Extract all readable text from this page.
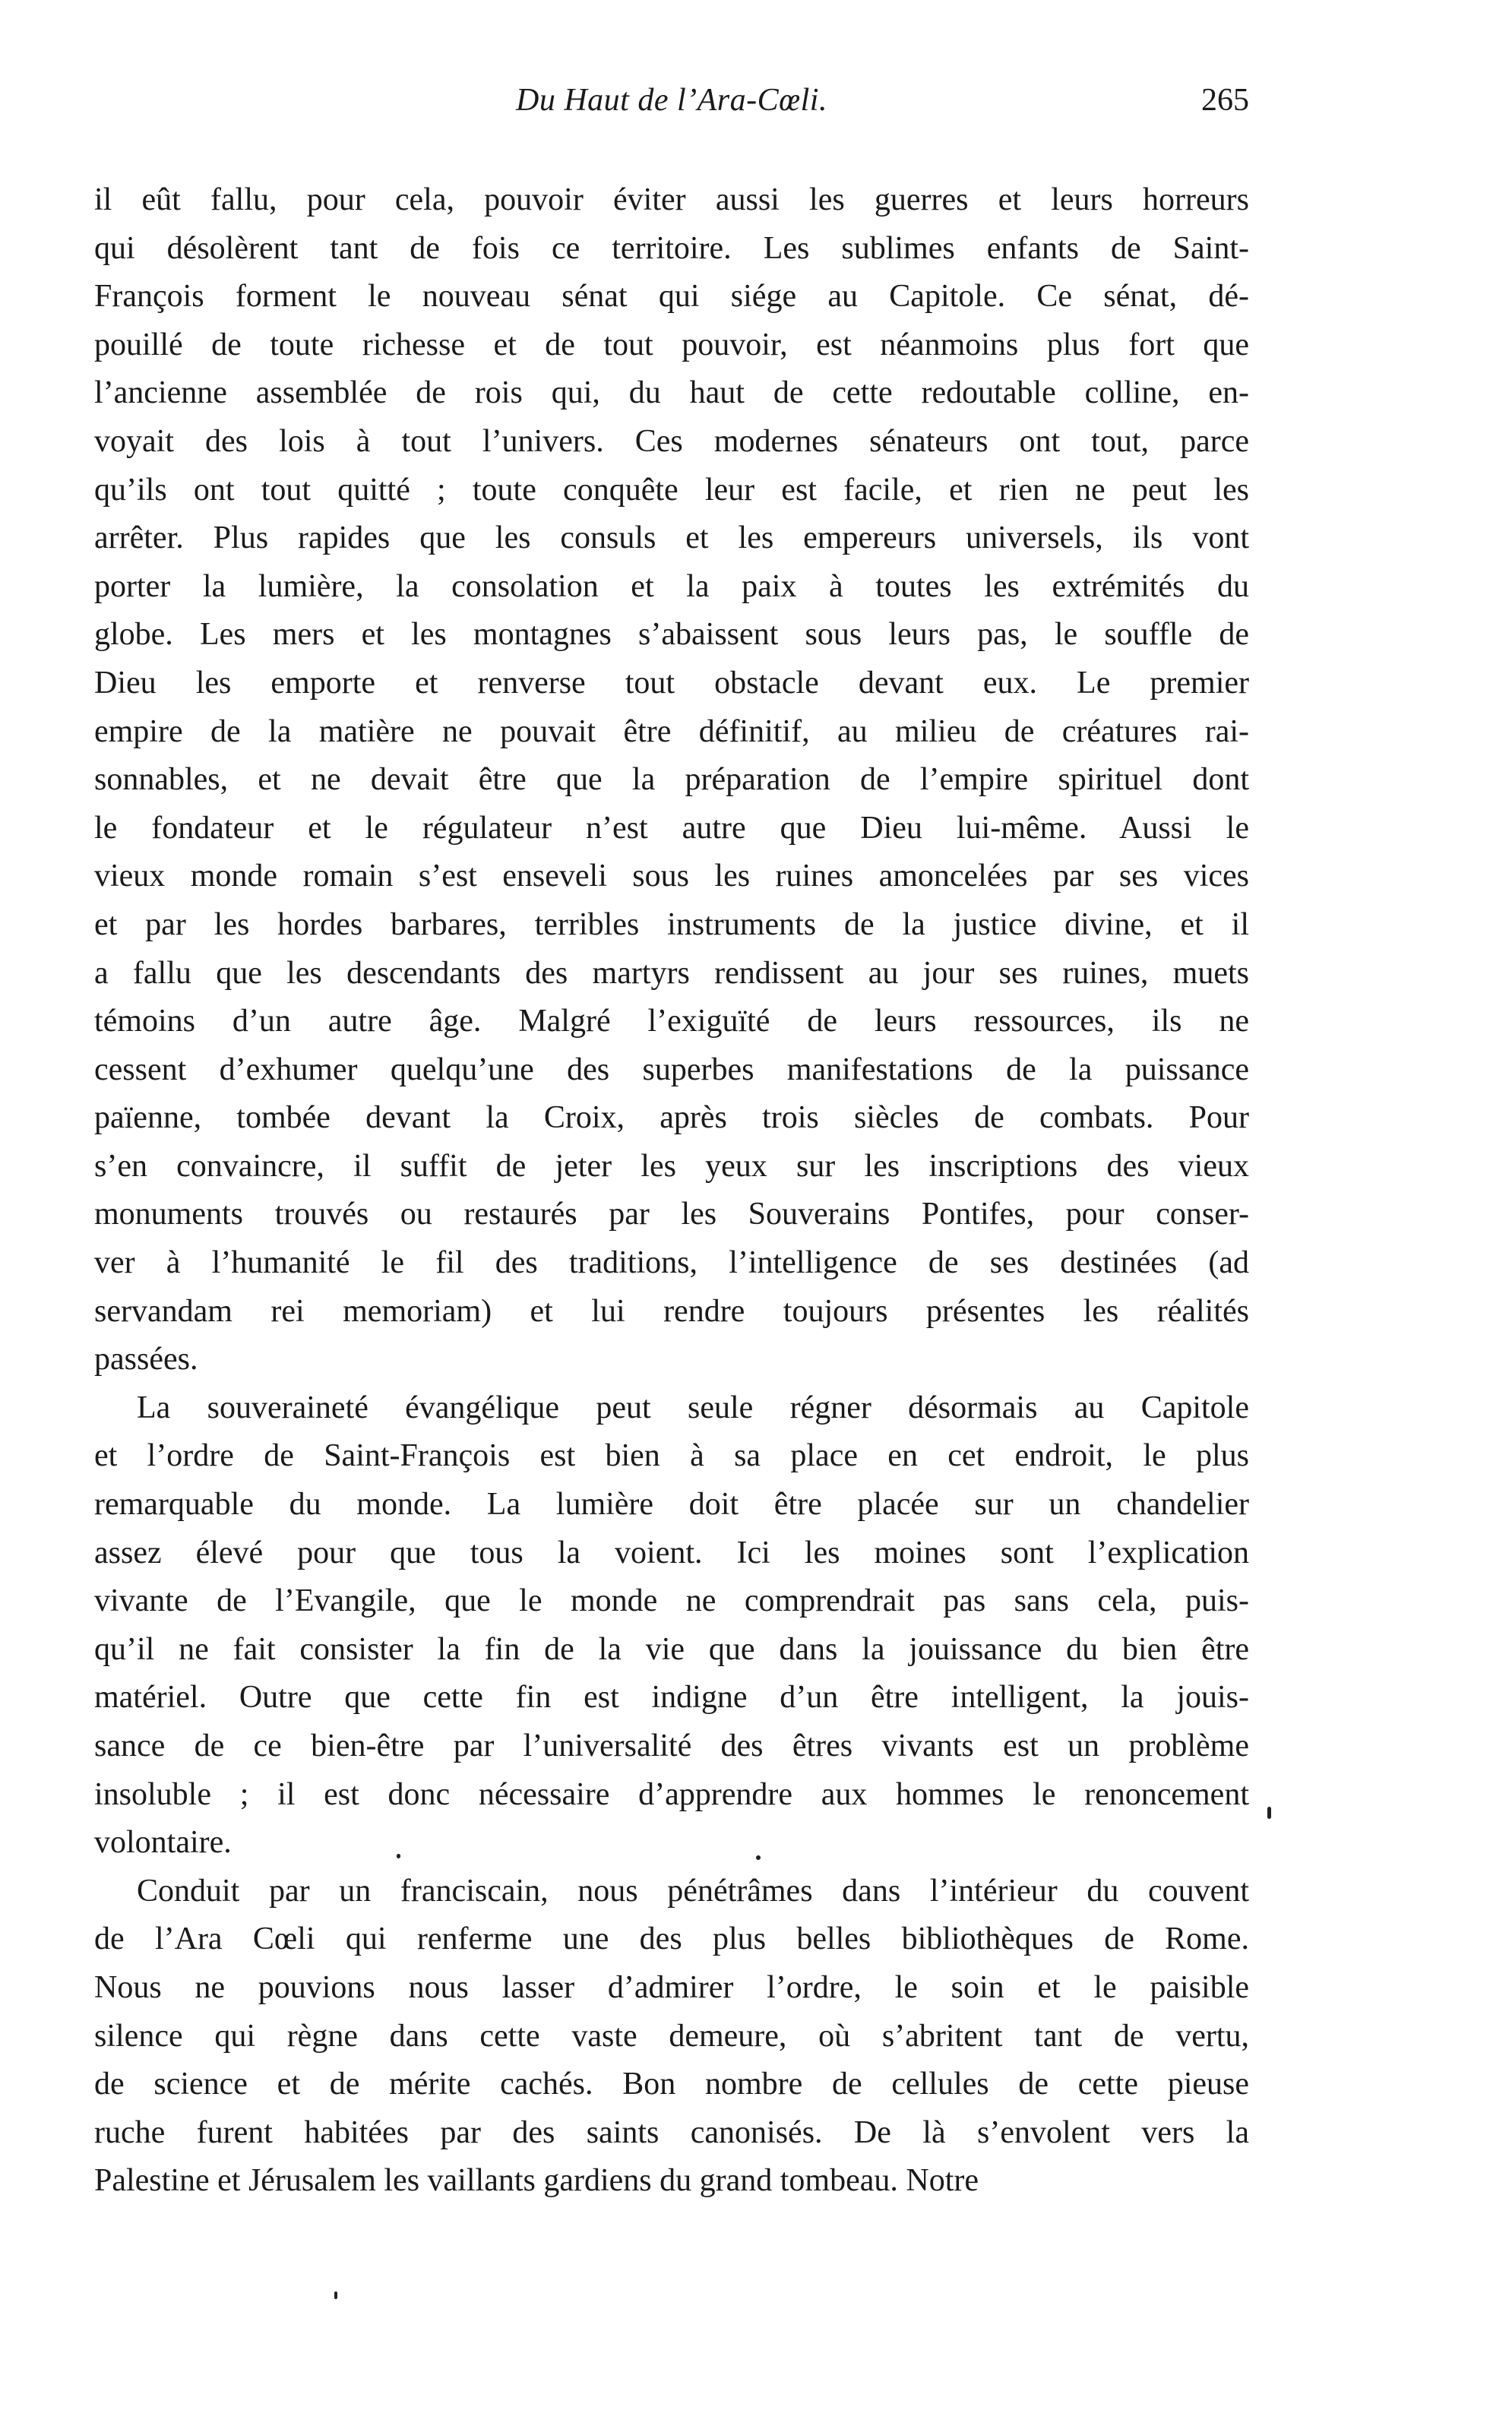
Du Haut de l’Ara-Cœli.	265
il eût fallu, pour cela, pouvoir éviter aussi les guerres et leurs horreurs
qui désolèrent tant de fois ce territoire. Les sublimes enfants de Saint-
François forment le nouveau sénat qui siége au Capitole. Ce sénat, dé-
pouillé de toute richesse et de tout pouvoir, est néanmoins plus fort que
l’ancienne assemblée de rois qui, du haut de cette redoutable colline, en-
voyait des lois à tout l’univers. Ces modernes sénateurs ont tout, parce
qu’ils ont tout quitté ; toute conquête leur est facile, et rien ne peut les
arrêter. Plus rapides que les consuls et les empereurs universels, ils vont
porter la lumière, la consolation et la paix à toutes les extrémités du
globe. Les mers et les montagnes s’abaissent sous leurs pas, le souffle de
Dieu les emporte et renverse tout obstacle devant eux. Le premier
empire de la matière ne pouvait être définitif, au milieu de créatures rai-
sonnables, et ne devait être que la préparation de l’empire spirituel dont
le fondateur et le régulateur n’est autre que Dieu lui-même. Aussi le
vieux monde romain s’est enseveli sous les ruines amoncelées par ses vices
et par les hordes barbares, terribles instruments de la justice divine, et il
a fallu que les descendants des martyrs rendissent au jour ses ruines, muets
témoins d’un autre âge. Malgré l’exiguïté de leurs ressources, ils ne
cessent d’exhumer quelqu’une des superbes manifestations de la puissance
païenne, tombée devant la Croix, après trois siècles de combats. Pour
s’en convaincre, il suffit de jeter les yeux sur les inscriptions des vieux
monuments trouvés ou restaurés par les Souverains Pontifes, pour conser-
ver à l’humanité le fil des traditions, l’intelligence de ses destinées (ad
servandam rei memoriam) et lui rendre toujours présentes les réalités
passées.
La souveraineté évangélique peut seule régner désormais au Capitole
et l’ordre de Saint-François est bien à sa place en cet endroit, le plus
remarquable du monde. La lumière doit être placée sur un chandelier
assez élevé pour que tous la voient. Ici les moines sont l’explication
vivante de l’Evangile, que le monde ne comprendrait pas sans cela, puis-
qu’il ne fait consister la fin de la vie que dans la jouissance du bien être
matériel. Outre que cette fin est indigne d’un être intelligent, la jouis-
sance de ce bien-être par l’universalité des êtres vivants est un problème
insoluble ; il est donc nécessaire d’apprendre aux hommes le renoncement
volontaire.
Conduit par un franciscain, nous pénétrâmes dans l’intérieur du couvent
de l’Ara Cœli qui renferme une des plus belles bibliothèques de Rome.
Nous ne pouvions nous lasser d’admirer l’ordre, le soin et le paisible
silence qui règne dans cette vaste demeure, où s’abritent tant de vertu,
de science et de mérite cachés. Bon nombre de cellules de cette pieuse
ruche furent habitées par des saints canonisés. De là s’envolent vers la
Palestine et Jérusalem les vaillants gardiens du grand tombeau. Notre
